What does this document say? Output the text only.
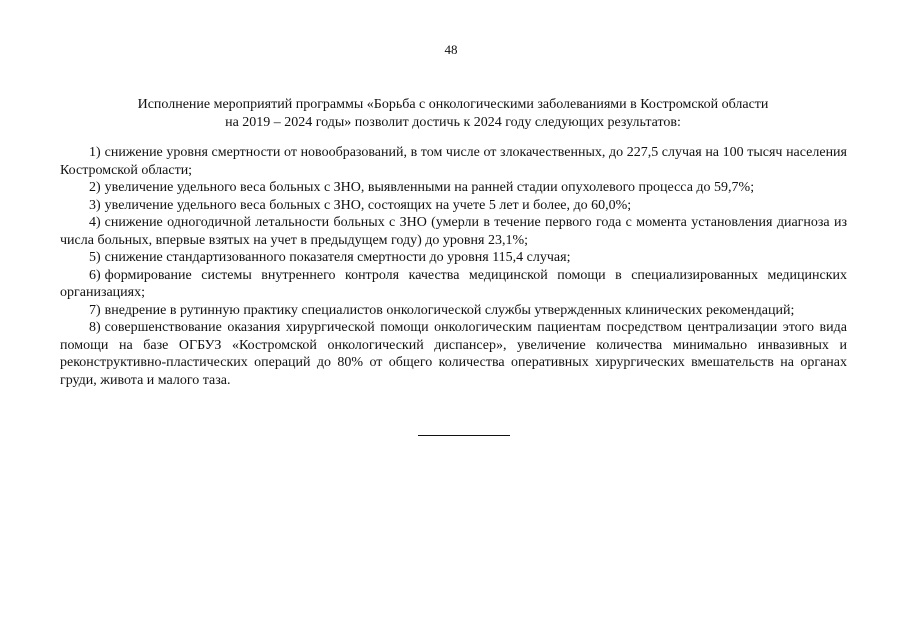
48
Исполнение мероприятий программы «Борьба с онкологическими заболеваниями в Костромской области
на 2019 – 2024 годы» позволит достичь к 2024 году следующих результатов:

1) снижение уровня смертности от новообразований, в том числе от злокачественных, до 227,5 случая на 100 тысяч населения Костромской области;

2) увеличение удельного веса больных с ЗНО, выявленными на ранней стадии опухолевого процесса до 59,7%;

3) увеличение удельного веса больных с ЗНО, состоящих на учете 5 лет и более, до 60,0%;

4) снижение одногодичной летальности больных с ЗНО (умерли в течение первого года с момента установления диагноза из числа больных, впервые взятых на учет в предыдущем году) до уровня 23,1%;

5) снижение стандартизованного показателя смертности до уровня 115,4 случая;

6) формирование системы внутреннего контроля качества медицинской помощи в специализированных медицинских организациях;

7) внедрение в рутинную практику специалистов онкологической службы утвержденных клинических рекомендаций;

8) совершенствование оказания хирургической помощи онкологическим пациентам посредством централизации этого вида помощи на базе ОГБУЗ «Костромской онкологический диспансер», увеличение количества минимально инвазивных и реконструктивно-пластических операций до 80% от общего количества оперативных хирургических вмешательств на органах груди, живота и малого таза.
